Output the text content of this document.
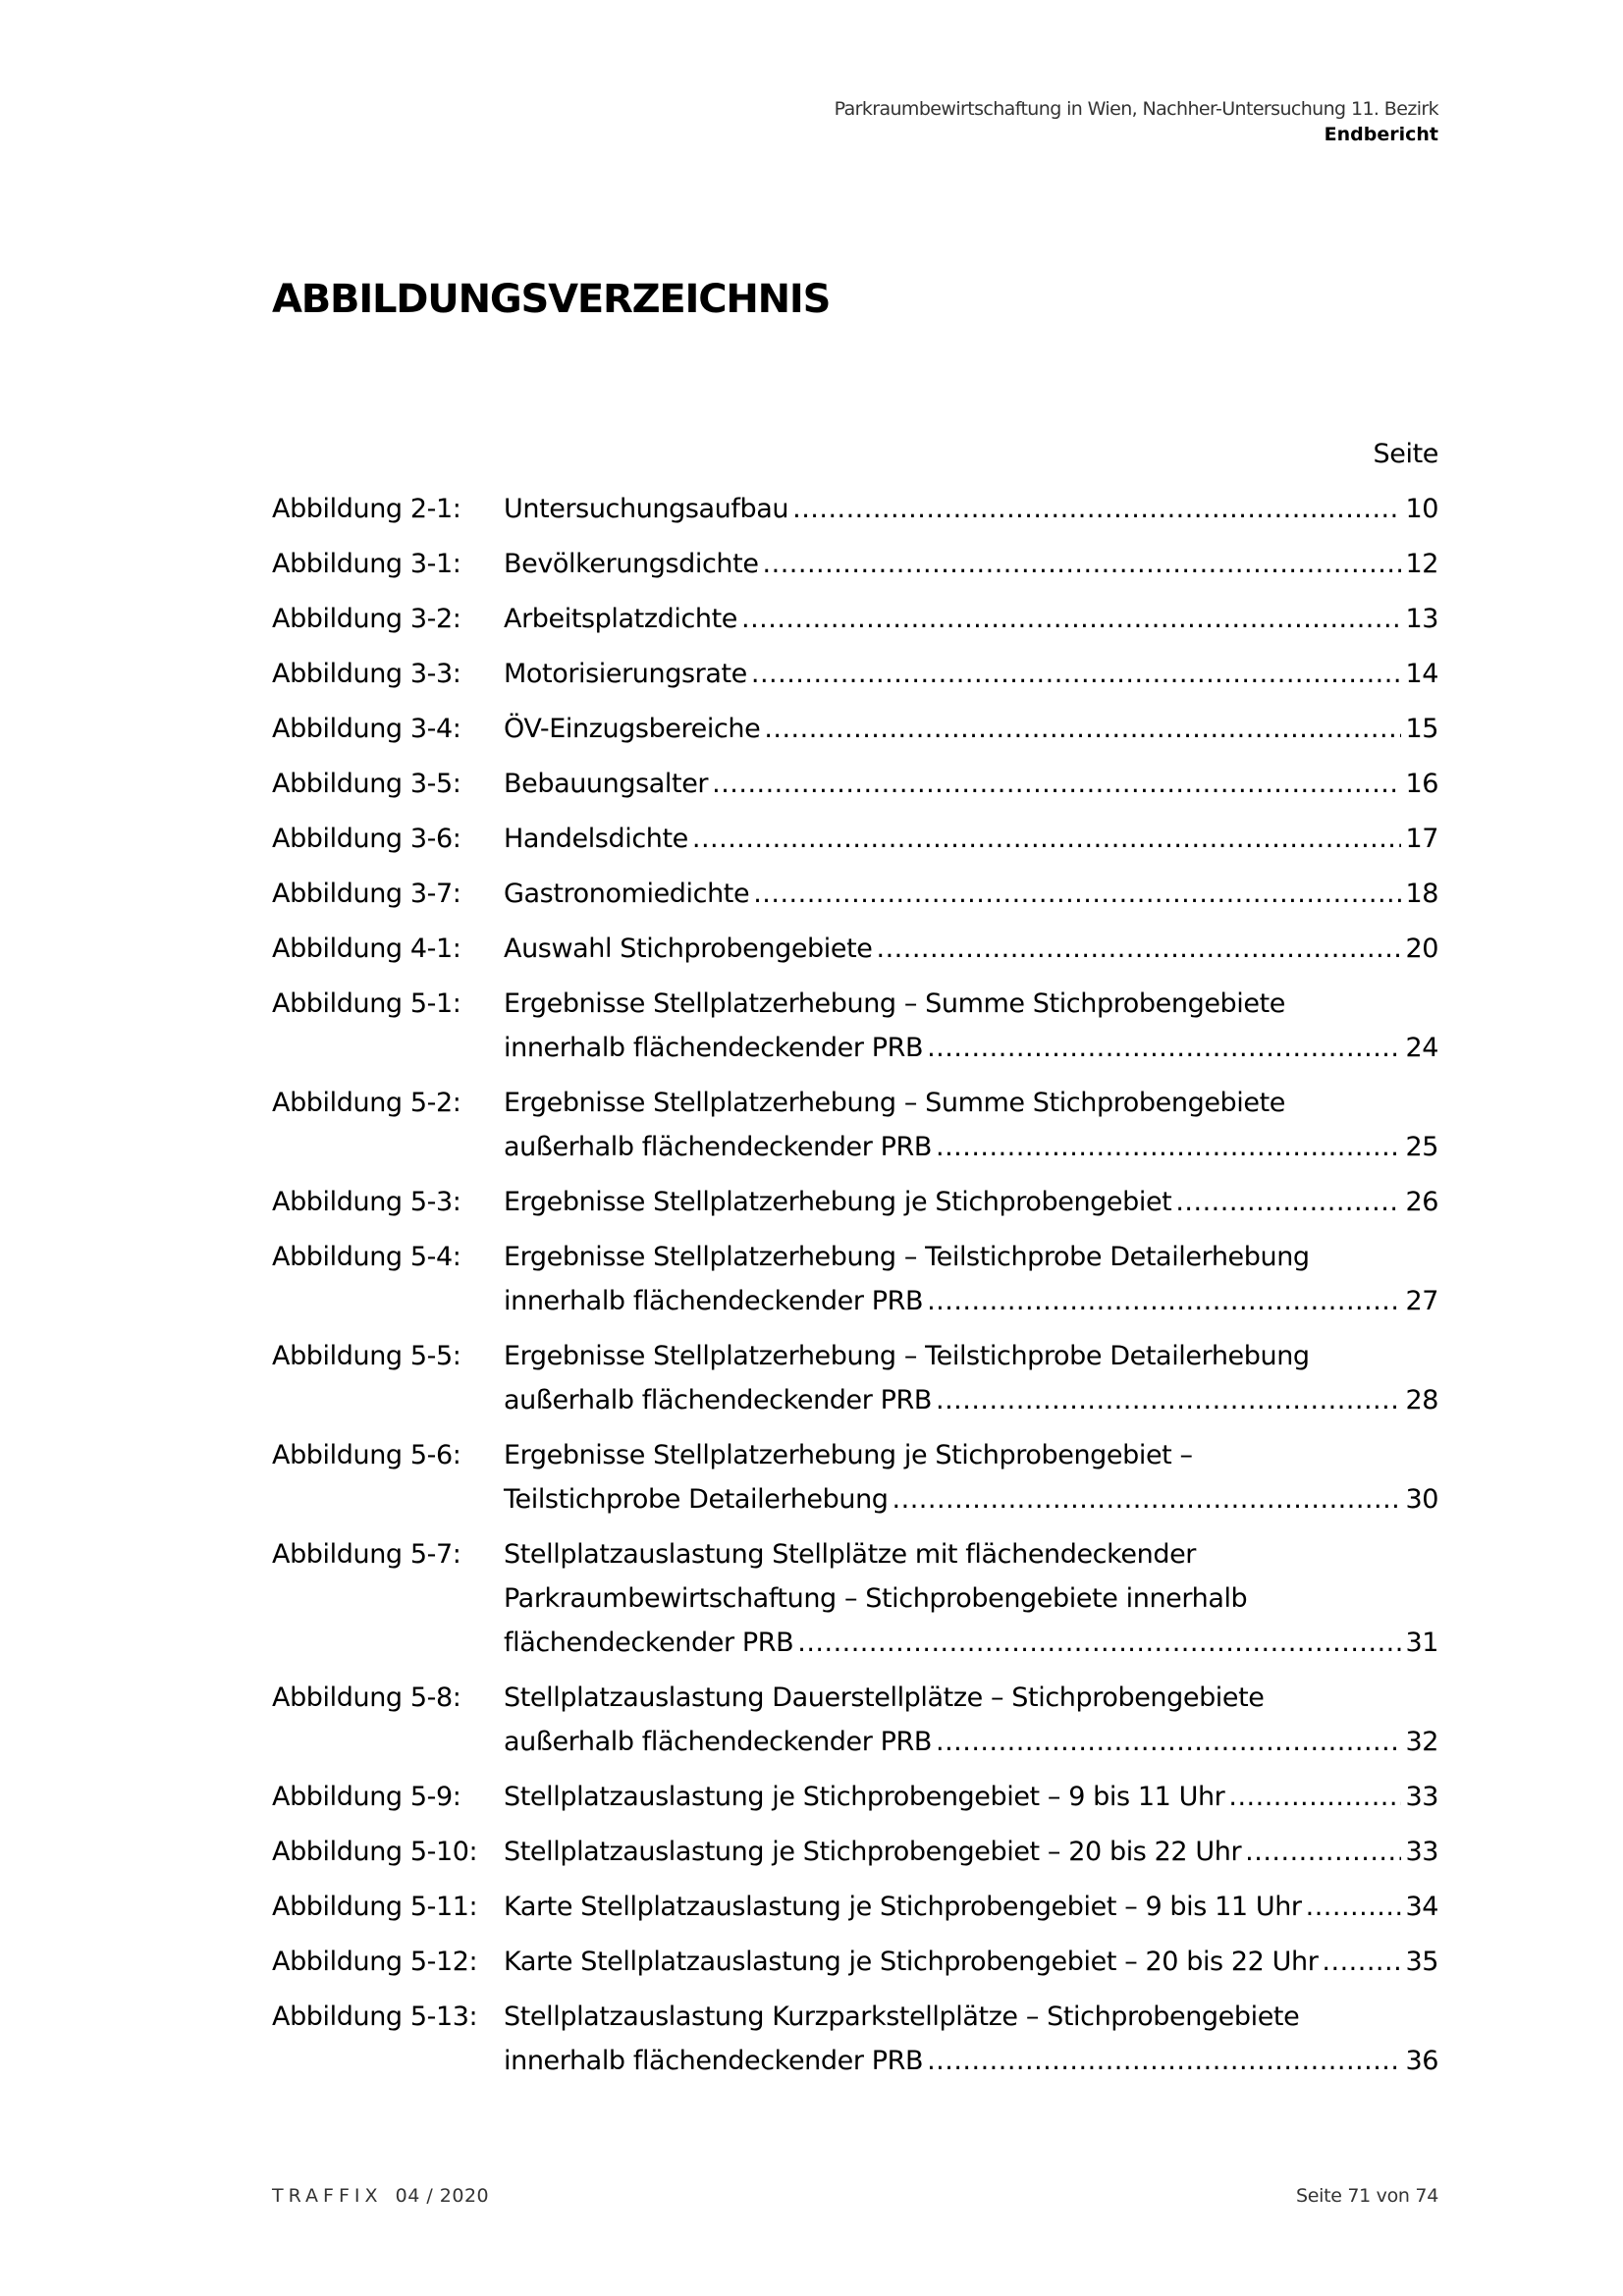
Parkraumbewirtschaftung in Wien, Nachher-Untersuchung 11. Bezirk
Endbericht
ABBILDUNGSVERZEICHNIS
Seite
Abbildung 2-1:	Untersuchungsaufbau .....	10
Abbildung 3-1:	Bevölkerungsdichte .....	12
Abbildung 3-2:	Arbeitsplatzdichte .....	13
Abbildung 3-3:	Motorisierungsrate .....	14
Abbildung 3-4:	ÖV-Einzugsbereiche .....	15
Abbildung 3-5:	Bebauungsalter .....	16
Abbildung 3-6:	Handelsdichte .....	17
Abbildung 3-7:	Gastronomiedichte .....	18
Abbildung 4-1:	Auswahl Stichprobengebiete .....	20
Abbildung 5-1:	Ergebnisse Stellplatzerhebung – Summe Stichprobengebiete
innerhalb flächendeckender PRB .....	24
Abbildung 5-2:	Ergebnisse Stellplatzerhebung – Summe Stichprobengebiete
außerhalb flächendeckender PRB .....	25
Abbildung 5-3:	Ergebnisse Stellplatzerhebung je Stichprobengebiet .....	26
Abbildung 5-4:	Ergebnisse Stellplatzerhebung – Teilstichprobe Detailerhebung
innerhalb flächendeckender PRB .....	27
Abbildung 5-5:	Ergebnisse Stellplatzerhebung – Teilstichprobe Detailerhebung
außerhalb flächendeckender PRB .....	28
Abbildung 5-6:	Ergebnisse Stellplatzerhebung je Stichprobengebiet –
Teilstichprobe Detailerhebung .....	30
Abbildung 5-7:	Stellplatzauslastung Stellplätze mit flächendeckender
Parkraumbewirtschaftung – Stichprobengebiete innerhalb
flächendeckender PRB .....	31
Abbildung 5-8:	Stellplatzauslastung Dauerstellplätze – Stichprobengebiete
außerhalb flächendeckender PRB .....	32
Abbildung 5-9:	Stellplatzauslastung je Stichprobengebiet – 9 bis 11 Uhr .....	33
Abbildung 5-10: Stellplatzauslastung je Stichprobengebiet – 20 bis 22 Uhr .....	33
Abbildung 5-11: Karte Stellplatzauslastung je Stichprobengebiet – 9 bis 11 Uhr .....	34
Abbildung 5-12: Karte Stellplatzauslastung je Stichprobengebiet – 20 bis 22 Uhr .....	35
Abbildung 5-13: Stellplatzauslastung Kurzparkstellplätze – Stichprobengebiete
innerhalb flächendeckender PRB .....	36
TRAFFIX 04 / 2020	Seite 71 von 74
